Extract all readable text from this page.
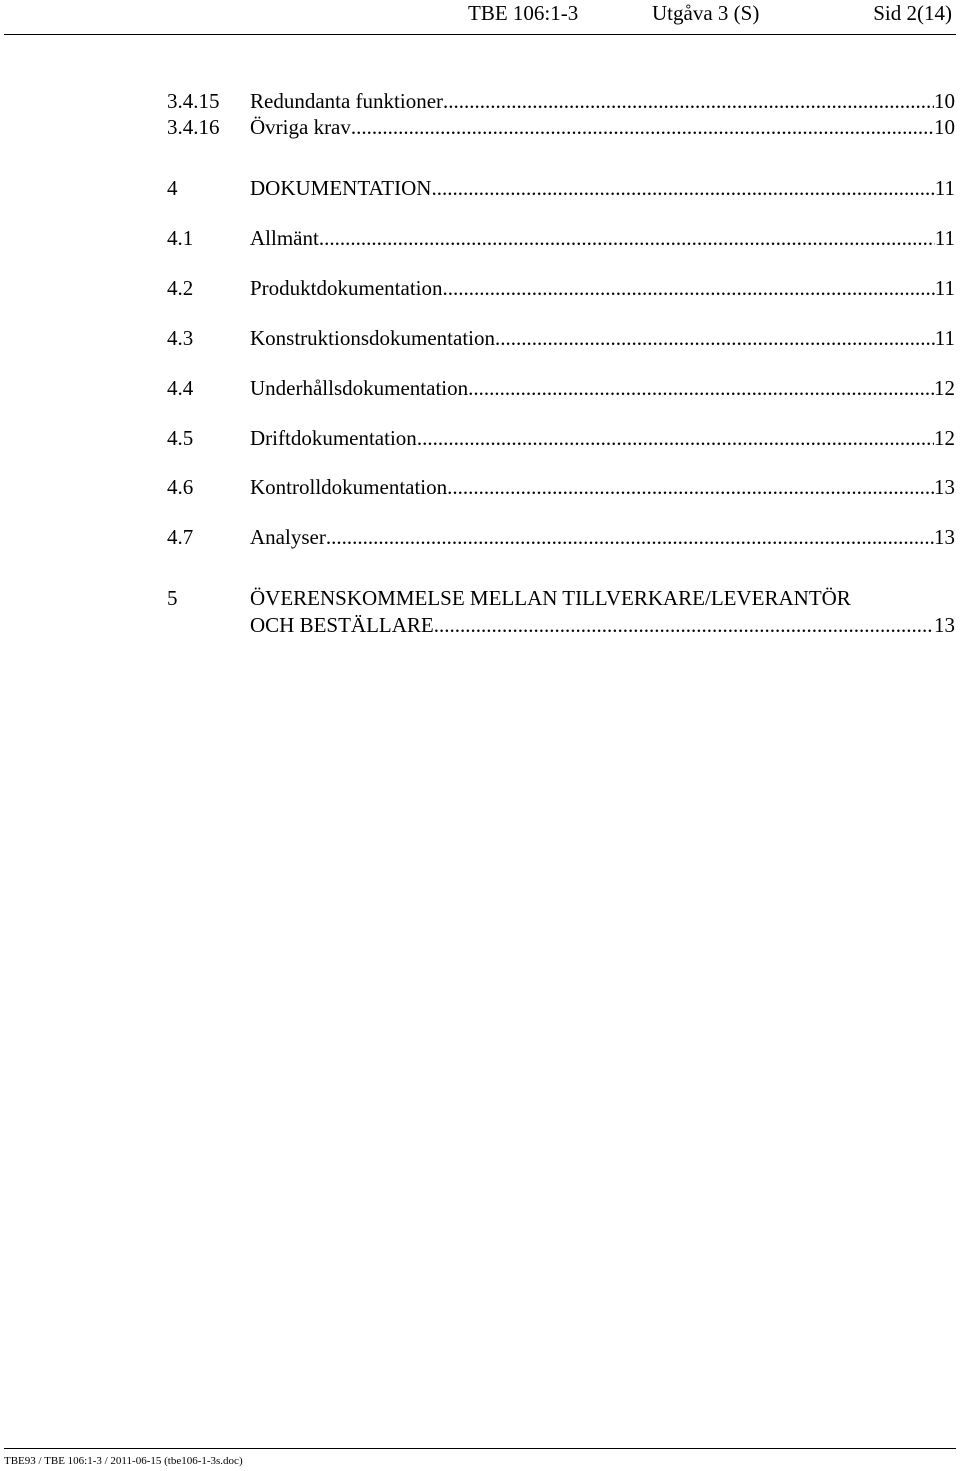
TBE 106:1-3	Utgåva 3 (S)	Sid 2(14)
3.4.15 Redundanta funktioner .....	10
3.4.16 Övriga krav .....	10
4	DOKUMENTATION .....	11
4.1	Allmänt .....	11
4.2	Produktdokumentation .....	11
4.3	Konstruktionsdokumentation .....	11
4.4	Underhållsdokumentation .....	12
4.5	Driftdokumentation .....	12
4.6	Kontrolldokumentation .....	13
4.7	Analyser .....	13
5	ÖVERENSKOMMELSE MELLAN TILLVERKARE/LEVERANTÖR
OCH BESTÄLLARE .....	13
TBE93 / TBE 106:1-3 / 2011-06-15 (tbe106-1-3s.doc)
